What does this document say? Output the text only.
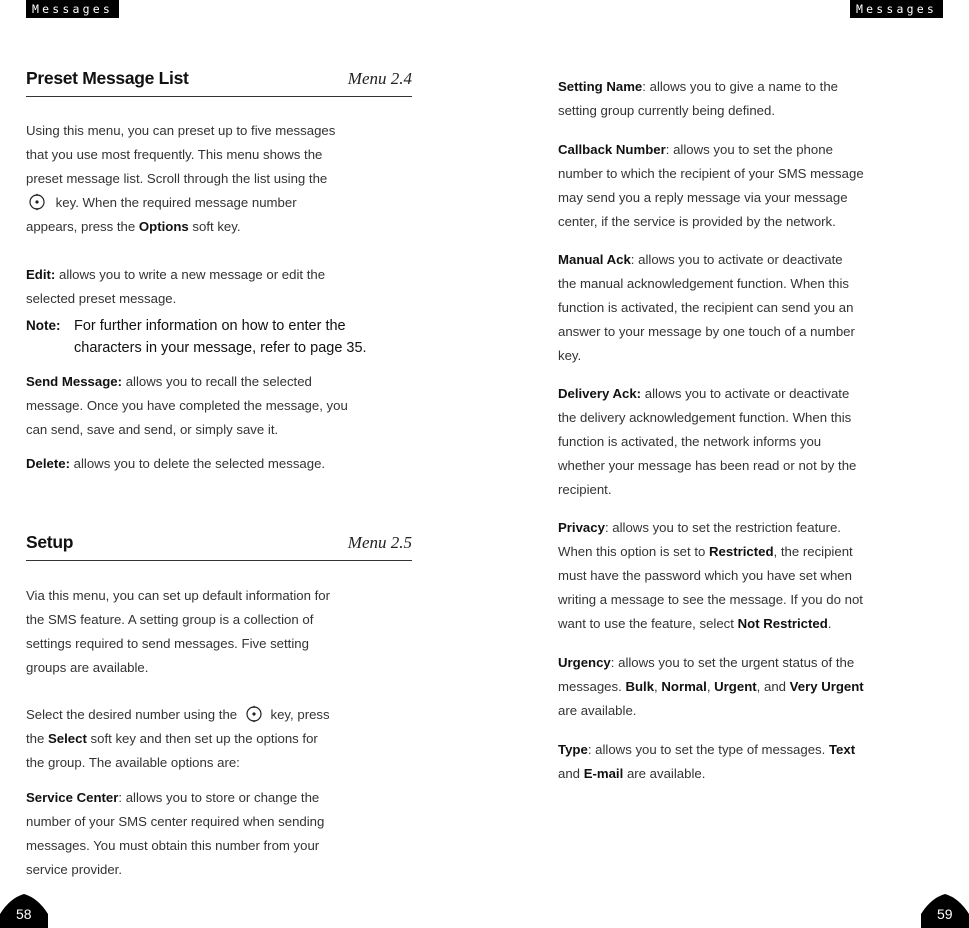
Messages	Messages
Preset Message List	Menu 2.4
Using this menu, you can preset up to five messages
that you use most frequently. This menu shows the
preset message list. Scroll through the list using the
key. When the required message number
appears, press the Options soft key.
Edit: allows you to write a new message or edit the
selected preset message.
Note: For further information on how to enter the
characters in your message, refer to page 35.
Send Message: allows you to recall the selected
message. Once you have completed the message, you
can send, save and send, or simply save it.
Delete: allows you to delete the selected message.
Setup	Menu 2.5
Via this menu, you can set up default information for
the SMS feature. A setting group is a collection of
settings required to send messages. Five setting
groups are available.
Select the desired number using the	key, press
the Select soft key and then set up the options for
the group. The available options are:
Service Center: allows you to store or change the
number of your SMS center required when sending
messages. You must obtain this number from your
service provider.
Setting Name: allows you to give a name to the
setting group currently being defined.
Callback Number: allows you to set the phone
number to which the recipient of your SMS message
may send you a reply message via your message
center, if the service is provided by the network.
Manual Ack: allows you to activate or deactivate
the manual acknowledgement function. When this
function is activated, the recipient can send you an
answer to your message by one touch of a number
key.
Delivery Ack: allows you to activate or deactivate
the delivery acknowledgement function. When this
function is activated, the network informs you
whether your message has been read or not by the
recipient.
Privacy: allows you to set the restriction feature.
When this option is set to Restricted, the recipient
must have the password which you have set when
writing a message to see the message. If you do not
want to use the feature, select Not Restricted.
Urgency: allows you to set the urgent status of the
messages. Bulk, Normal, Urgent, and Very Urgent
are available.
Type: allows you to set the type of messages. Text
and E-mail are available.
58	59
